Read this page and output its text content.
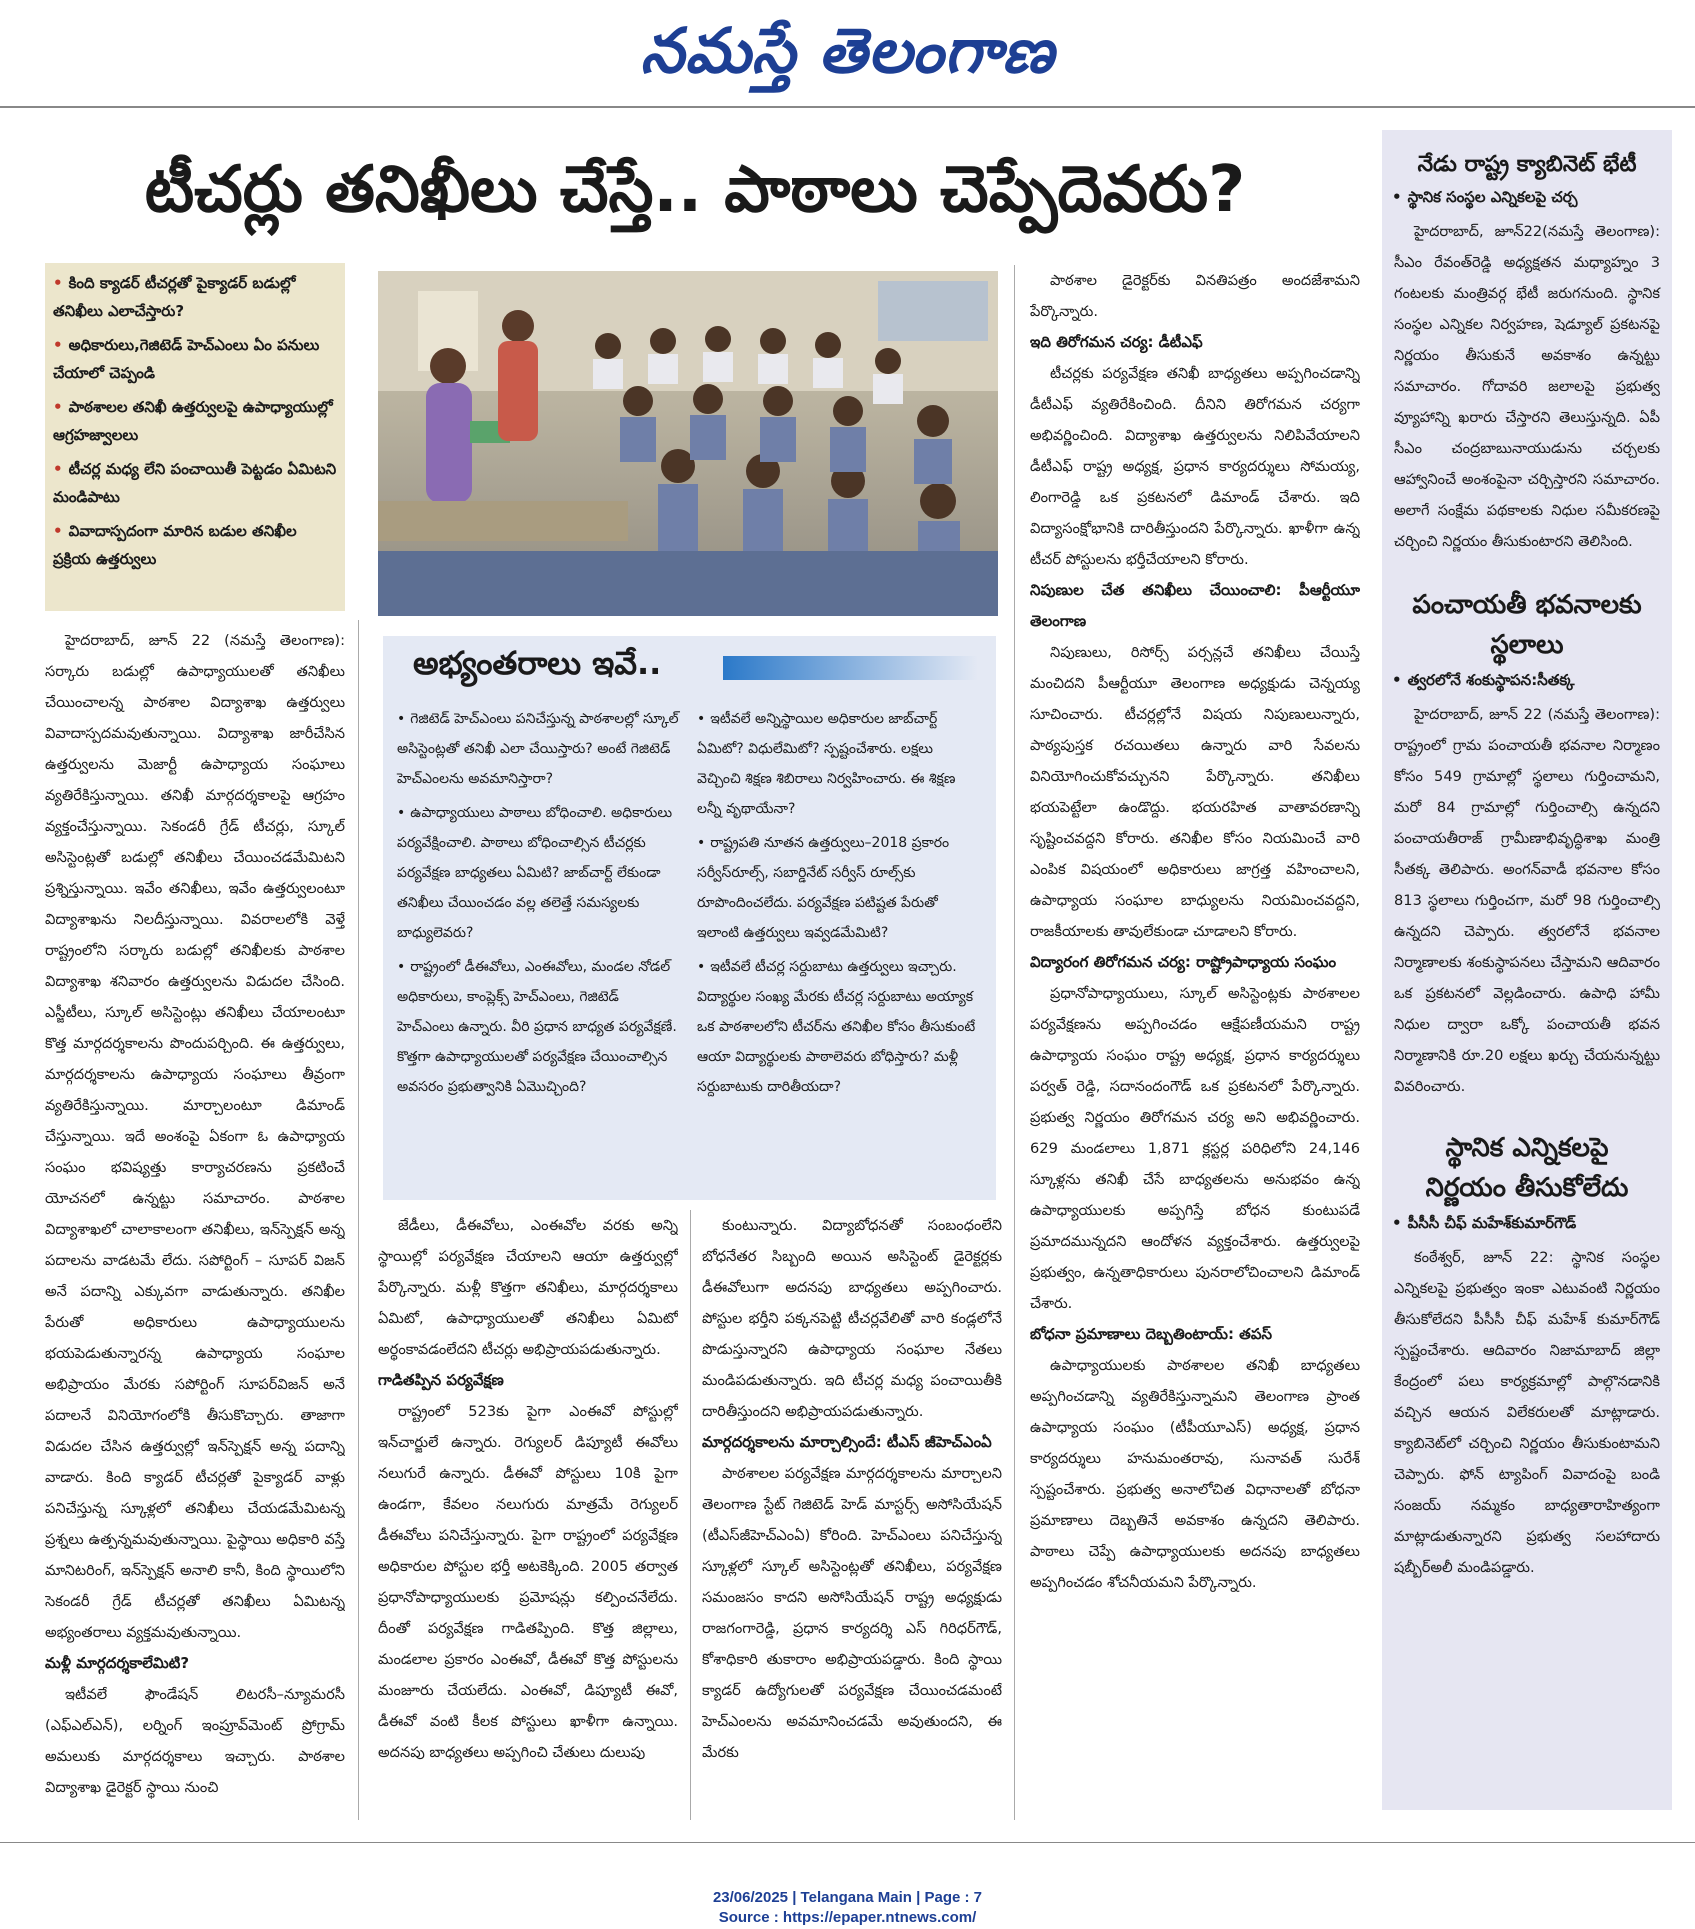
నమస్తే తెలంగాణ
టీచర్లు తనిఖీలు చేస్తే.. పాఠాలు చెప్పేదెవరు?
• కింది క్యాడర్ టీచర్లతో పైక్యాడర్ బడుల్లో తనిఖీలు ఎలాచేస్తారు?
• అధికారులు,గెజిటెడ్ హెచ్ఎంలు ఏం పనులు చేయాలో చెప్పండి
• పాఠశాలల తనిఖీ ఉత్తర్వులపై ఉపాధ్యాయుల్లో ఆగ్రహజ్వాలలు
• టీచర్ల మధ్య లేని పంచాయితీ పెట్టడం ఏమిటని మండిపాటు
• వివాదాస్పదంగా మారిన బడుల తనిఖీల ప్రక్రియ ఉత్తర్వులు
అభ్యంతరాలు ఇవే..

• గెజిటెడ్ హెచ్ఎంలు పనిచేస్తున్న పాఠశాలల్లో స్కూల్ అసిస్టెంట్లతో తనిఖీ ఎలా చేయిస్తారు? అంటే గెజిటెడ్ హెచ్ఎంలను అవమానిస్తారా?

• ఉపాధ్యాయులు పాఠాలు బోధించాలి. అధికారులు పర్యవేక్షించాలి. పాఠాలు బోధించాల్సిన టీచర్లకు పర్యవేక్షణ బాధ్యతలు ఏమిటి? జాబ్‌చార్ట్ లేకుండా తనిఖీలు చేయించడం వల్ల తలెత్తే సమస్యలకు బాధ్యులెవరు?

• రాష్ట్రంలో డీఈవోలు, ఎంఈవోలు, మండల నోడల్ అధికారులు, కాంప్లెక్స్ హెచ్ఎంలు, గెజిటెడ్ హెచ్ఎంలు ఉన్నారు. వీరి ప్రధాన బాధ్యత పర్యవేక్షణే. కొత్తగా ఉపాధ్యాయులతో పర్యవేక్షణ చేయించాల్సిన అవసరం ప్రభుత్వానికి ఏమొచ్చింది?

• ఇటీవలే అన్నిస్థాయిల అధికారుల జాబ్‌చార్ట్ ఏమిటో? విధులేమిటో? స్పష్టంచేశారు. లక్షలు వెచ్చించి శిక్షణ శిబిరాలు నిర్వహించారు. ఈ శిక్షణ లన్నీ వృథాయేనా?

• రాష్ట్రపతి నూతన ఉత్తర్వులు–2018 ప్రకారం సర్వీస్‌రూల్స్, సబార్డినేట్ సర్వీస్ రూల్స్‌కు రూపొందించలేదు. పర్యవేక్షణ పటిష్టత పేరుతో ఇలాంటి ఉత్తర్వులు ఇవ్వడమేమిటి?

• ఇటీవలే టీచర్ల సర్దుబాటు ఉత్తర్వులు ఇచ్చారు. విద్యార్థుల సంఖ్య మేరకు టీచర్ల సర్దుబాటు అయ్యాక ఒక పాఠశాలలోని టీచర్‌ను తనిఖీల కోసం తీసుకుంటే ఆయా విద్యార్థులకు పాఠాలెవరు బోధిస్తారు? మళ్లీ సర్దుబాటుకు దారితీయదా?

హైదరాబాద్, జూన్ 22 (నమస్తే తెలంగాణ): సర్కారు బడుల్లో ఉపాధ్యాయులతో తనిఖీలు చేయించాలన్న పాఠశాల విద్యాశాఖ ఉత్తర్వులు వివాదాస్పదమవుతున్నాయి. విద్యాశాఖ జారీచేసిన ఉత్తర్వులను మెజార్టీ ఉపాధ్యాయ సంఘాలు వ్యతిరేకిస్తున్నాయి. తనిఖీ మార్గదర్శకాలపై ఆగ్రహం వ్యక్తంచేస్తున్నాయి. సెకండరీ గ్రేడ్ టీచర్లు, స్కూల్ అసిస్టెంట్లతో బడుల్లో తనిఖీలు చేయించడమేమిటని ప్రశ్నిస్తున్నాయి. ఇవేం తనిఖీలు, ఇవేం ఉత్తర్వులంటూ విద్యాశాఖను నిలదీస్తున్నాయి. వివరాలలోకి వెళ్తే రాష్ట్రంలోని సర్కారు బడుల్లో తనిఖీలకు పాఠశాల విద్యాశాఖ శనివారం ఉత్తర్వులను విడుదల చేసింది. ఎస్జీటీలు, స్కూల్ అసిస్టెంట్లు తనిఖీలు చేయాలంటూ కొత్త మార్గదర్శకాలను పొందుపర్చింది. ఈ ఉత్తర్వులు, మార్గదర్శకాలను ఉపాధ్యాయ సంఘాలు తీవ్రంగా వ్యతిరేకిస్తున్నాయి. మార్చాలంటూ డిమాండ్ చేస్తున్నాయి. ఇదే అంశంపై ఏకంగా ఓ ఉపాధ్యాయ సంఘం భవిష్యత్తు కార్యాచరణను ప్రకటించే యోచనలో ఉన్నట్టు సమాచారం. పాఠశాల విద్యాశాఖలో చాలాకాలంగా తనిఖీలు, ఇన్‌స్పెక్షన్ అన్న పదాలను వాడటమే లేదు. సపోర్టింగ్ – సూపర్ విజన్ అనే పదాన్ని ఎక్కువగా వాడుతున్నారు. తనిఖీల పేరుతో అధికారులు ఉపాధ్యాయులను భయపెడుతున్నారన్న ఉపాధ్యాయ సంఘాల అభిప్రాయం మేరకు సపోర్టింగ్ సూపర్‌విజన్ అనే పదాలనే వినియోగంలోకి తీసుకొచ్చారు. తాజాగా విడుదల చేసిన ఉత్తర్వుల్లో ఇన్‌స్పెక్షన్ అన్న పదాన్ని వాడారు. కింది క్యాడర్ టీచర్లతో పైక్యాడర్ వాళ్లు పనిచేస్తున్న స్కూళ్లలో తనిఖీలు చేయడమేమిటన్న ప్రశ్నలు ఉత్పన్నమవుతున్నాయి. పైస్థాయి అధికారి వస్తే మానిటరింగ్, ఇన్‌స్పెక్షన్ అనాలి కానీ, కింది స్థాయిలోని సెకండరీ గ్రేడ్ టీచర్లతో తనిఖీలు ఏమిటన్న అభ్యంతరాలు వ్యక్తమవుతున్నాయి.

మళ్లీ మార్గదర్శకాలేమిటి?

ఇటీవలే ఫౌండేషన్ లిటరసీ–న్యూమరసీ (ఎఫ్ఎల్ఎన్), లర్నింగ్ ఇంప్రూవ్‌మెంట్ ప్రోగ్రామ్ అమలుకు మార్గదర్శకాలు ఇచ్చారు. పాఠశాల విద్యాశాఖ డైరెక్టర్ స్థాయి నుంచి

జేడీలు, డీఈవోలు, ఎంఈవోల వరకు అన్ని స్థాయిల్లో పర్యవేక్షణ చేయాలని ఆయా ఉత్తర్వుల్లో పేర్కొన్నారు. మళ్లీ కొత్తగా తనిఖీలు, మార్గదర్శకాలు ఏమిటో, ఉపాధ్యాయులతో తనిఖీలు ఏమిటో అర్థంకావడంలేదని టీచర్లు అభిప్రాయపడుతున్నారు.

గాడితప్పిన పర్యవేక్షణ

రాష్ట్రంలో 523కు పైగా ఎంఈవో పోస్టుల్లో ఇన్‌చార్జులే ఉన్నారు. రెగ్యులర్ డిప్యూటీ ఈవోలు నలుగురే ఉన్నారు. డీఈవో పోస్టులు 10కి పైగా ఉండగా, కేవలం నలుగురు మాత్రమే రెగ్యులర్ డీఈవోలు పనిచేస్తున్నారు. పైగా రాష్ట్రంలో పర్యవేక్షణ అధికారుల పోస్టుల భర్తీ అటకెక్కింది. 2005 తర్వాత ప్రధానోపాధ్యాయులకు ప్రమోషన్లు కల్పించనేలేదు. దీంతో పర్యవేక్షణ గాడితప్పింది. కొత్త జిల్లాలు, మండలాల ప్రకారం ఎంఈవో, డీఈవో కొత్త పోస్టులను మంజూరు చేయలేదు. ఎంఈవో, డిప్యూటీ ఈవో, డీఈవో వంటి కీలక పోస్టులు ఖాళీగా ఉన్నాయి. అదనపు బాధ్యతలు అప్పగించి చేతులు దులుపు

కుంటున్నారు. విద్యాబోధనతో సంబంధంలేని బోధనేతర సిబ్బంది అయిన అసిస్టెంట్ డైరెక్టర్లకు డీఈవోలుగా అదనపు బాధ్యతలు అప్పగించారు. పోస్టుల భర్తీని పక్కనపెట్టి టీచర్లవేలితో వారి కండ్లలోనే పొడుస్తున్నారని ఉపాధ్యాయ సంఘాల నేతలు మండిపడుతున్నారు. ఇది టీచర్ల మధ్య పంచాయితీకి దారితీస్తుందని అభిప్రాయపడుతున్నారు.

మార్గదర్శకాలను మార్చాల్సిందే: టీఎస్ జీహెచ్ఎంఏ

పాఠశాలల పర్యవేక్షణ మార్గదర్శకాలను మార్చాలని తెలంగాణ స్టేట్ గెజిటెడ్ హెడ్ మాస్టర్స్ అసోసియేషన్ (టీఎస్‌జీహెచ్ఎంఏ) కోరింది. హెచ్ఎంలు పనిచేస్తున్న స్కూళ్లలో స్కూల్ అసిస్టెంట్లతో తనిఖీలు, పర్యవేక్షణ సమంజసం కాదని అసోసియేషన్ రాష్ట్ర అధ్యక్షుడు రాజగంగారెడ్డి, ప్రధాన కార్యదర్శి ఎస్ గిరిధర్‌గౌడ్, కోశాధికారి తుకారాం అభిప్రాయపడ్డారు. కింది స్థాయి క్యాడర్ ఉద్యోగులతో పర్యవేక్షణ చేయించడమంటే హెచ్ఎంలను అవమానించడమే అవుతుందని, ఈ మేరకు

పాఠశాల డైరెక్టర్‌కు వినతిపత్రం అందజేశామని పేర్కొన్నారు.

ఇది తిరోగమన చర్య: డీటీఎఫ్

టీచర్లకు పర్యవేక్షణ తనిఖీ బాధ్యతలు అప్పగించడాన్ని డీటీఎఫ్ వ్యతిరేకించింది. దీనిని తిరోగమన చర్యగా అభివర్ణించింది. విద్యాశాఖ ఉత్తర్వులను నిలిపివేయాలని డీటీఎఫ్ రాష్ట్ర అధ్యక్ష, ప్రధాన కార్యదర్శులు సోమయ్య, లింగారెడ్డి ఒక ప్రకటనలో డిమాండ్ చేశారు. ఇది విద్యాసంక్షోభానికి దారితీస్తుందని పేర్కొన్నారు. ఖాళీగా ఉన్న టీచర్ పోస్టులను భర్తీచేయాలని కోరారు.

నిపుణుల చేత తనిఖీలు చేయించాలి: పీఆర్టీయూ తెలంగాణ

నిపుణులు, రిసోర్స్ పర్సన్లచే తనిఖీలు చేయిస్తే మంచిదని పీఆర్టీయూ తెలంగాణ అధ్యక్షుడు చెన్నయ్య సూచించారు. టీచర్లల్లోనే విషయ నిపుణులున్నారు, పాఠ్యపుస్తక రచయితలు ఉన్నారు వారి సేవలను వినియోగించుకోవచ్చునని పేర్కొన్నారు. తనిఖీలు భయపెట్టేలా ఉండొద్దు. భయరహిత వాతావరణాన్ని సృష్టించవద్దని కోరారు. తనిఖీల కోసం నియమించే వారి ఎంపిక విషయంలో అధికారులు జాగ్రత్త వహించాలని, ఉపాధ్యాయ సంఘాల బాధ్యులను నియమించవద్దని, రాజకీయాలకు తావులేకుండా చూడాలని కోరారు.

విద్యారంగ తిరోగమన చర్య: రాష్ట్రోపాధ్యాయ సంఘం

ప్రధానోపాధ్యాయులు, స్కూల్ అసిస్టెంట్లకు పాఠశాలల పర్యవేక్షణను అప్పగించడం ఆక్షేపణీయమని రాష్ట్ర ఉపాధ్యాయ సంఘం రాష్ట్ర అధ్యక్ష, ప్రధాన కార్యదర్శులు పర్వత్ రెడ్డి, సదానందంగౌడ్ ఒక ప్రకటనలో పేర్కొన్నారు. ప్రభుత్వ నిర్ణయం తిరోగమన చర్య అని అభివర్ణించారు. 629 మండలాలు 1,871 క్లస్టర్ల పరిధిలోని 24,146 స్కూళ్లను తనిఖీ చేసే బాధ్యతలను అనుభవం ఉన్న ఉపాధ్యాయులకు అప్పగిస్తే బోధన కుంటుపడే ప్రమాదమున్నదని ఆందోళన వ్యక్తంచేశారు. ఉత్తర్వులపై ప్రభుత్వం, ఉన్నతాధికారులు పునరాలోచించాలని డిమాండ్ చేశారు.

బోధనా ప్రమాణాలు దెబ్బతింటాయ్: తపస్

ఉపాధ్యాయులకు పాఠశాలల తనిఖీ బాధ్యతలు అప్పగించడాన్ని వ్యతిరేకిస్తున్నామని తెలంగాణ ప్రాంత ఉపాధ్యాయ సంఘం (టీపీయూఎస్) అధ్యక్ష, ప్రధాన కార్యదర్శులు హనుమంతరావు, సునావత్ సురేశ్ స్పష్టంచేశారు. ప్రభుత్వ అనాలోచిత విధానాలతో బోధనా ప్రమాణాలు దెబ్బతినే అవకాశం ఉన్నదని తెలిపారు. పాఠాలు చెప్పే ఉపాధ్యాయులకు అదనపు బాధ్యతలు అప్పగించడం శోచనీయమని పేర్కొన్నారు.

నేడు రాష్ట్ర క్యాబినెట్ భేటీ

• స్థానిక సంస్థల ఎన్నికలపై చర్చ

హైదరాబాద్, జూన్22(నమస్తే తెలంగాణ): సీఎం రేవంత్‌రెడ్డి అధ్యక్షతన మధ్యాహ్నం 3 గంటలకు మంత్రివర్గ భేటీ జరుగనుంది. స్థానిక సంస్థల ఎన్నికల నిర్వహణ, షెడ్యూల్ ప్రకటనపై నిర్ణయం తీసుకునే అవకాశం ఉన్నట్టు సమాచారం. గోదావరి జలాలపై ప్రభుత్వ వ్యూహాన్ని ఖరారు చేస్తారని తెలుస్తున్నది. ఏపీ సీఎం చంద్రబాబునాయుడును చర్చలకు ఆహ్వానించే అంశంపైనా చర్చిస్తారని సమాచారం. అలాగే సంక్షేమ పథకాలకు నిధుల సమీకరణపై చర్చించి నిర్ణయం తీసుకుంటారని తెలిసింది.

పంచాయతీ భవనాలకు స్థలాలు

• త్వరలోనే శంకుస్థాపన:సీతక్క

హైదరాబాద్, జూన్ 22 (నమస్తే తెలంగాణ): రాష్ట్రంలో గ్రామ పంచాయతీ భవనాల నిర్మాణం కోసం 549 గ్రామాల్లో స్థలాలు గుర్తించామని, మరో 84 గ్రామాల్లో గుర్తించాల్సి ఉన్నదని పంచాయతీరాజ్ గ్రామీణాభివృద్ధిశాఖ మంత్రి సీతక్క తెలిపారు. అంగన్‌వాడీ భవనాల కోసం 813 స్థలాలు గుర్తించగా, మరో 98 గుర్తించాల్సి ఉన్నదని చెప్పారు. త్వరలోనే భవనాల నిర్మాణాలకు శంకుస్థాపనలు చేస్తామని ఆదివారం ఒక ప్రకటనలో వెల్లడించారు. ఉపాధి హామీ నిధుల ద్వారా ఒక్కో పంచాయతీ భవన నిర్మాణానికి రూ.20 లక్షలు ఖర్చు చేయనున్నట్టు వివరించారు.

స్థానిక ఎన్నికలపై నిర్ణయం తీసుకోలేదు

• పీసీసీ చీఫ్ మహేశ్‌కుమార్‌గౌడ్

కంఠేశ్వర్, జూన్ 22: స్థానిక సంస్థల ఎన్నికలపై ప్రభుత్వం ఇంకా ఎటువంటి నిర్ణయం తీసుకోలేదని పీసీసీ చీఫ్ మహేశ్ కుమార్‌గౌడ్ స్పష్టంచేశారు. ఆదివారం నిజామాబాద్ జిల్లా కేంద్రంలో పలు కార్యక్రమాల్లో పాల్గొనడానికి వచ్చిన ఆయన విలేకరులతో మాట్లాడారు. క్యాబినెట్‌లో చర్చించి నిర్ణయం తీసుకుంటామని చెప్పారు. ఫోన్ ట్యాపింగ్ వివాదంపై బండి సంజయ్ నమ్మకం బాధ్యతారాహిత్యంగా మాట్లాడుతున్నారని ప్రభుత్వ సలహాదారు షబ్బీర్‌అలీ మండిపడ్డారు.

23/06/2025 | Telangana Main | Page : 7
Source : https://epaper.ntnews.com/
